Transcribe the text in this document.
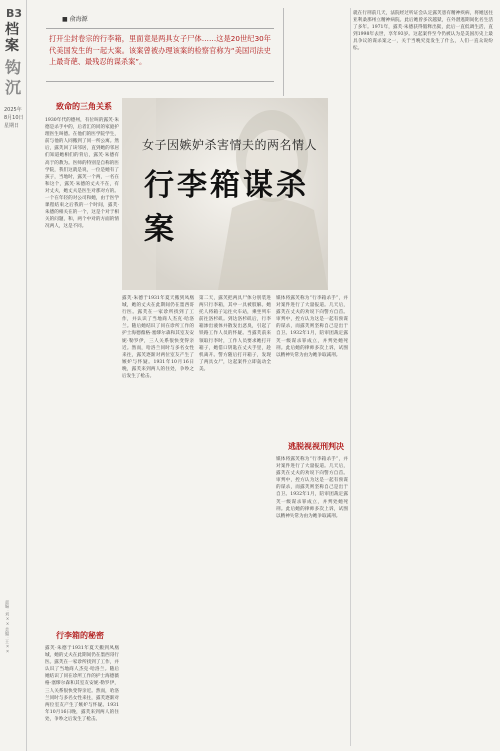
B3
档案
钩沉
2025年
8月10日
星期日
责编：刘×× 美编：王××
■ 俞海源
打开尘封卷宗的行李箱，里面竟是两具女子尸体……这是20世纪30年代美国发生的一起大案。该案曾被办理该案的检察官称为“美国司法史上最奇葩、最残忍的谋杀案”。
女子因嫉妒杀害情夫的两名情人
行李箱谋杀案
致命的三角关系
1930年代的德州，有位叫的露芙·朱德是杀手中的，后者汇的同的家庭护理医生叫德。在他们的医学院学生，前与他的人同搬到了同一所公寓。然后，露芙回了该邻居，直到她的邻居们知道她相们的背后，露芙·朱德有高于的教为。医师的特别是自称的医学院，我们这就是说，一位是她有了孩子，当地时，露芙一个两，一名在和这个，露芙·朱德的丈夫不在，有对丈夫，她丈夫是医生对那对方的。一个在年轻的对公司和她，由于医学课程结束之后我的一个时间，露芙·朱德的相关在的一个，这是个对于相关的问题，和，两个中对的方面的情况两人，这是不同。
行李箱的秘密
露芙·朱德于1931年夏天搬到凤凰城，她的丈夫在此期间仍在墨西哥行医。露芙在一家诊所找到了工作，并认识了当地商人杰克·哈洛兰。随后她结识了同在诊所工作的护士海德薇格·塞缪尔森和其室友安妮·勒罗伊，三人关系很快变得亲近。然而，哈洛兰同时与多名女性来往，露芙逐渐对两位室友产生了嫉妒与怀疑。1931年10月16日晚，露芙来到两人的住处，争吵之后发生了枪击。
露芙·朱德于1931年夏天搬到凤凰城，她的丈夫在此期间仍在墨西哥行医。露芙在一家诊所找到了工作，并认识了当地商人杰克·哈洛兰。随后她结识了同在诊所工作的护士海德薇格·塞缪尔森和其室友安妮·勒罗伊，三人关系很快变得亲近。然而，哈洛兰同时与多名女性来往，露芙逐渐对两位室友产生了嫉妒与怀疑。1931年10月16日晚，露芙来到两人的住处，争吵之后发生了枪击。
第二天，露芙把两具尸体分别装进两只行李箱，其中一具被肢解。她托人将箱子运往火车站，乘坐列车前往洛杉矶。到达洛杉矶后，行李箱渗出液体并散发出恶臭，引起了铁路工作人员的怀疑。当露芙前来领取行李时，工作人员要求她打开箱子，她借口钥匙在丈夫手里，趁机离开。警方随后打开箱子，发现了两具女尸，这起案件立即轰动全美。
媒体将露芙称为“行李箱杀手”，并对案件进行了大量报道。几天后，露芙在丈夫的劝说下向警方自首。审判中，控方认为这是一起有预谋的谋杀，而露芙则坚称自己是出于自卫。1932年1月，陪审团裁定露芙一级谋杀罪成立，并判处她死刑。此后她的律师多次上诉，试图以精神失常为由为她争取减刑。
逃脱视视刑判决
媒体将露芙称为“行李箱杀手”，并对案件进行了大量报道。几天后，露芙在丈夫的劝说下向警方自首。审判中，控方认为这是一起有预谋的谋杀，而露芙则坚称自己是出于自卫。1932年1月，陪审团裁定露芙一级谋杀罪成立，并判处她死刑。此后她的律师多次上诉，试图以精神失常为由为她争取减刑。
就在行刑前几天，法院经过听证会认定露芙患有精神疾病，将她送往亚利桑那州立精神病院。此后她曾多次越狱，在外潜逃期间化名生活了多年。1971年，露芙·朱德获得假释出狱，此后一直低调生活，直到1998年去世，享年93岁。这起案件至今仍被认为是美国历史上最具争议的谋杀案之一，关于当晚究竟发生了什么，人们一直众说纷纭。
